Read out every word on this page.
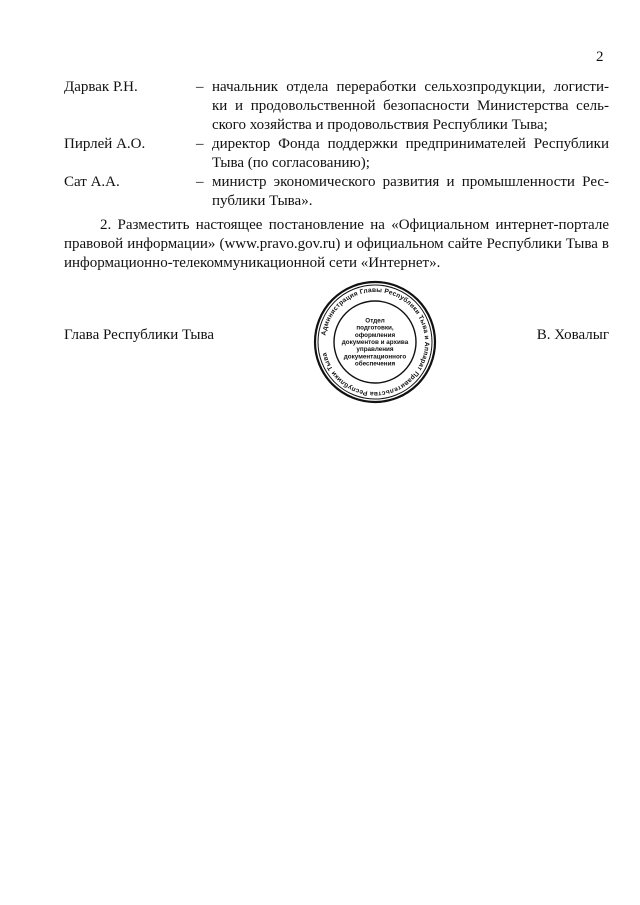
2
Дарвак Р.Н.	– начальник отдела переработки сельхозпродукции, логисти-
ки и продовольственной безопасности Министерства сель-
ского хозяйства и продовольствия Республики Тыва;
Пирлей А.О.	– директор Фонда поддержки предпринимателей Республики
Тыва (по согласованию);
Сат А.А.	– министр экономического развития и промышленности Рес-
публики Тыва».
2. Разместить настоящее постановление на «Официальном интернет-портале
правовой информации» (www.pravo.gov.ru) и официальном сайте Республики Тыва в
информационно-телекоммуникационной сети «Интернет».
Глава Республики Тыва	В. Ховалыг
Администрация Главы Республики Тыва и Аппарат Правительства Республики Тыва
Отдел
подготовки,
оформления
документов и архива
управления
документационного
обеспечения
